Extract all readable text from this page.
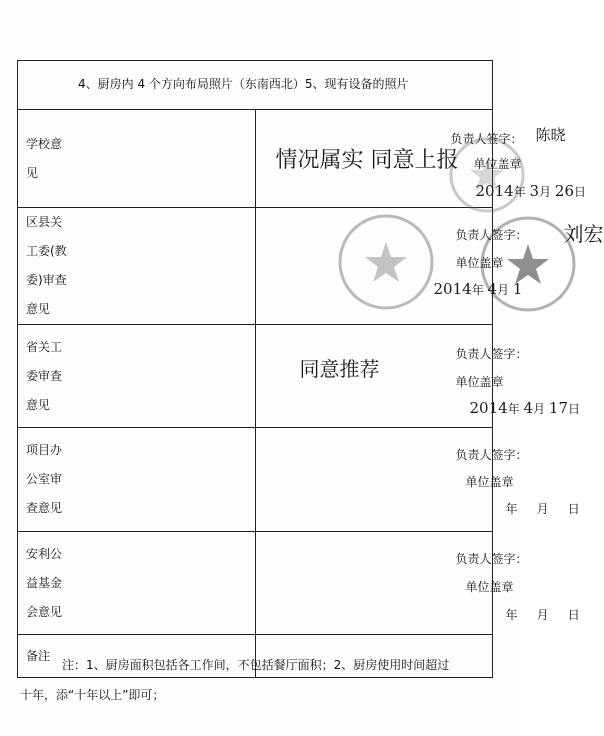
4、厨房内 4 个方向布局照片（东南西北）5、现有设备的照片	

学校意
见	情况属实 同意上报
负责人签字： 陈晓
单位盖章
2014年 3月 26日

区县关
工委(教
委)审查
意见	负责人签字： 刘宏
单位盖章
2014年 4月 1

省关工
委审查
意见	同意推荐
负责人签字：
单位盖章
2014年 4月 17日

项目办
公室审
查意见	负责人签字：
单位盖章
年 月 日

安利公
益基金
会意见	负责人签字：
单位盖章
年 月 日

备注	

注：1、厨房面积包括各工作间，不包括餐厅面积；2、厨房使用时间超过
十年，添“十年以上”即可；
